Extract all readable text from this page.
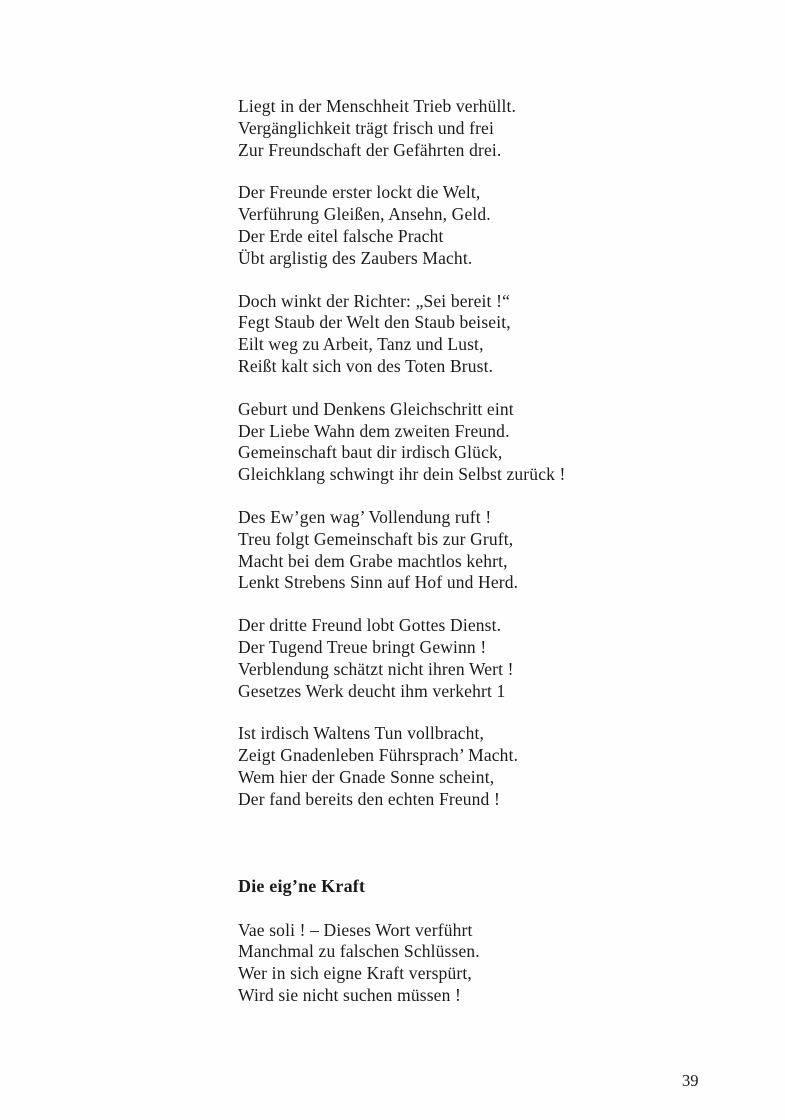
Liegt in der Menschheit Trieb verhüllt.
Vergänglichkeit trägt frisch und frei
Zur Freundschaft der Gefährten drei.

Der Freunde erster lockt die Welt,
Verführung Gleißen, Ansehn, Geld.
Der Erde eitel falsche Pracht
Übt arglistig des Zaubers Macht.

Doch winkt der Richter: „Sei bereit !“
Fegt Staub der Welt den Staub beiseit,
Eilt weg zu Arbeit, Tanz und Lust,
Reißt kalt sich von des Toten Brust.

Geburt und Denkens Gleichschritt eint
Der Liebe Wahn dem zweiten Freund.
Gemeinschaft baut dir irdisch Glück,
Gleichklang schwingt ihr dein Selbst zurück !

Des Ew’gen wag’ Vollendung ruft !
Treu folgt Gemeinschaft bis zur Gruft,
Macht bei dem Grabe machtlos kehrt,
Lenkt Strebens Sinn auf Hof und Herd.

Der dritte Freund lobt Gottes Dienst.
Der Tugend Treue bringt Gewinn !
Verblendung schätzt nicht ihren Wert !
Gesetzes Werk deucht ihm verkehrt 1

Ist irdisch Waltens Tun vollbracht,
Zeigt Gnadenleben Führsprach’ Macht.
Wem hier der Gnade Sonne scheint,
Der fand bereits den echten Freund !

Die eig’ne Kraft

Vae soli ! – Dieses Wort verführt
Manchmal zu falschen Schlüssen.
Wer in sich eigne Kraft verspürt,
Wird sie nicht suchen müssen !

39
